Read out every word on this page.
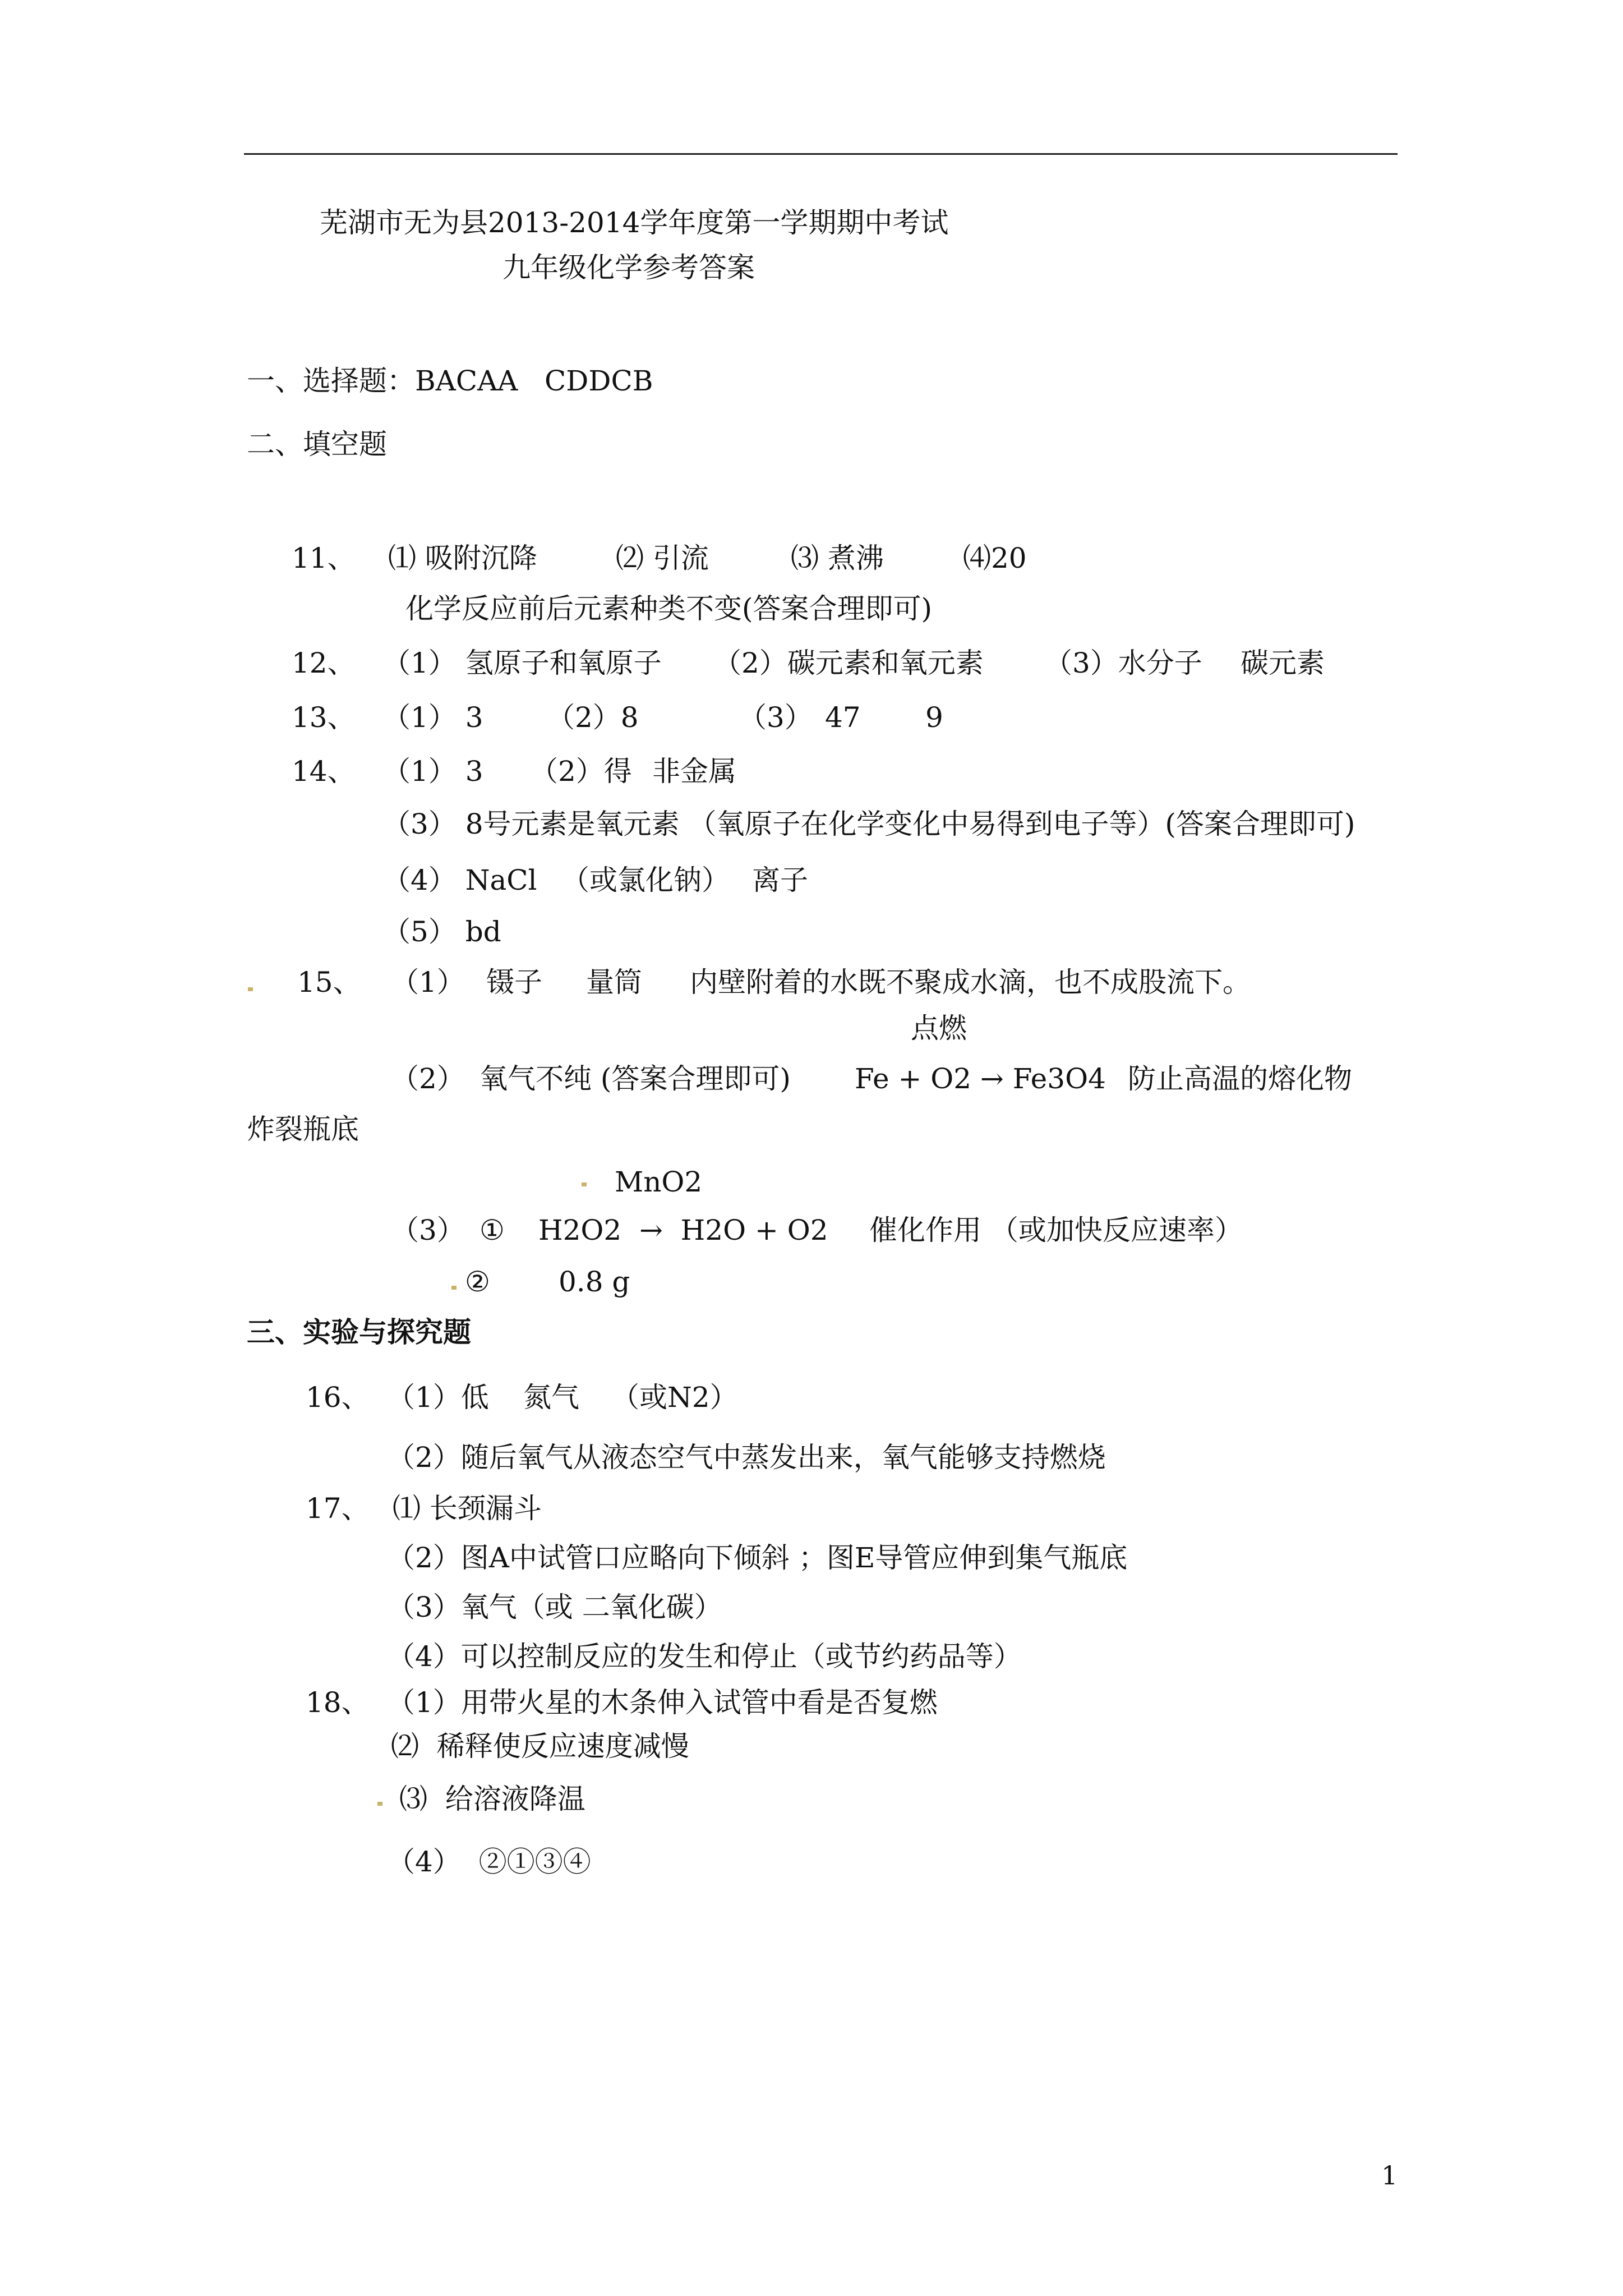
芜湖市无为县2013-2014学年度第一学期期中考试
九年级化学参考答案
一、选择题：BACAA   CDDCB
二、填空题
11、 ⑴ 吸附沉降	⑵ 引流	⑶ 煮沸	⑷20
化学反应前后元素种类不变(答案合理即可)
12、 （1） 氢原子和氧原子 （2）碳元素和氧元素 （3）水分子 碳元素
13、 （1） 3 （2）8	（3） 47 9
14、 （1） 3 （2）得 非金属
（3） 8号元素是氧元素 （氧原子在化学变化中易得到电子等）(答案合理即可)
（4） NaCl （或氯化钠） 离子
（5） bd
15、 （1） 镊子 量筒 内壁附着的水既不聚成水滴，也不成股流下。
点燃
（2） 氧气不纯 (答案合理即可) Fe + O2 → Fe3O4 防止高温的熔化物
炸裂瓶底
MnO2
（3） ① H2O2  →  H2O + O2 催化作用 （或加快反应速率）
② 0.8 g
三、实验与探究题
16、 （1）低 氮气 （或N2）
（2）随后氧气从液态空气中蒸发出来，氧气能够支持燃烧
17、 ⑴ 长颈漏斗
（2）图A中试管口应略向下倾斜 ；图E导管应伸到集气瓶底
（3）氧气（或 二氧化碳）
（4）可以控制反应的发生和停止（或节约药品等）
18、 （1）用带火星的木条伸入试管中看是否复燃
⑵  稀释使反应速度减慢
⑶  给溶液降温
（4）  ②①③④
1
